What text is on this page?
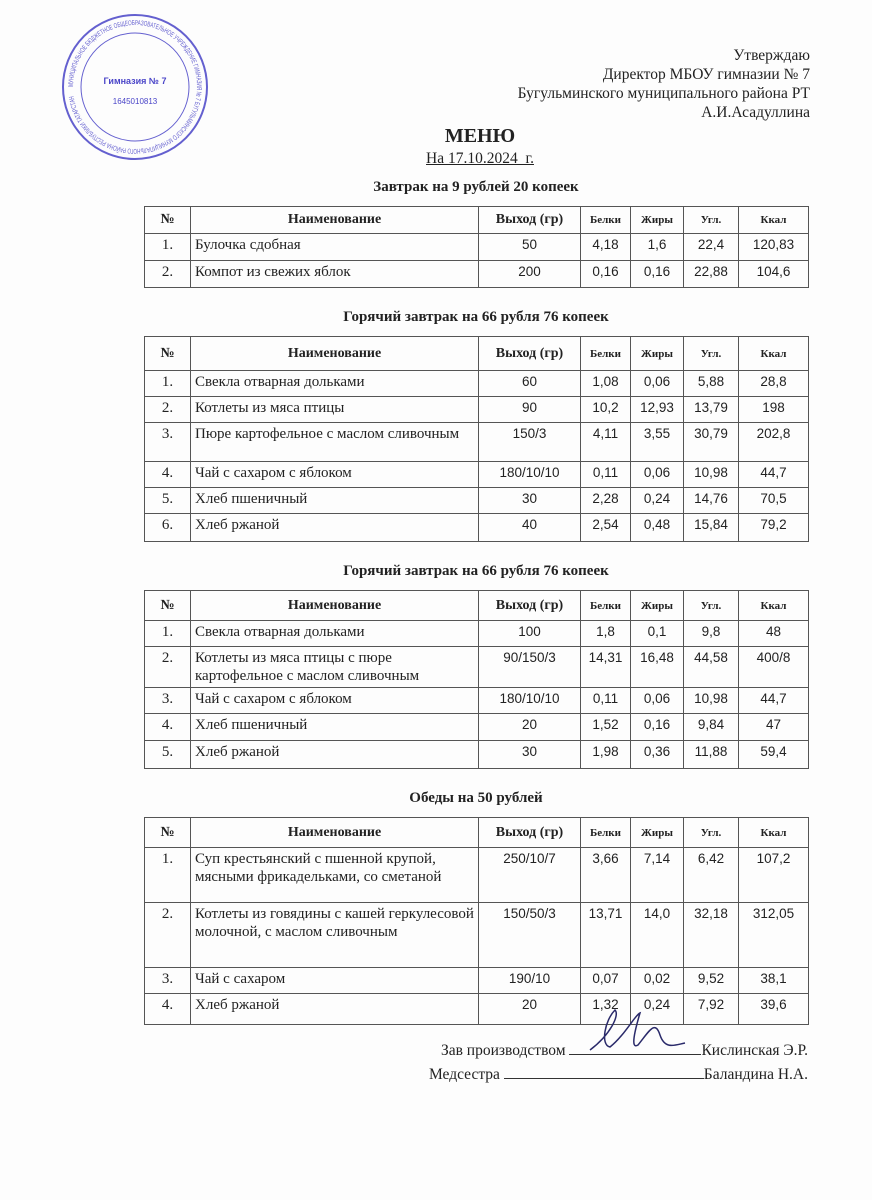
МУНИЦИПАЛЬНОЕ БЮДЖЕТНОЕ ОБЩЕОБРАЗОВАТЕЛЬНОЕ УЧРЕЖДЕНИЕ ГИМНАЗИЯ № 7 БУГУЛЬМИНСКОГО МУНИЦИПАЛЬНОГО РАЙОНА РЕСПУБЛИКИ ТАТАРСТАН
Гимназия № 7
1645010813
Утверждаю
Директор МБОУ гимназии № 7
Бугульминского муниципального района РТ
А.И.Асадуллина
МЕНЮ
На 17.10.2024_г.
Завтрак на 9 рублей 20 копеек
№	Наименование	Выход (гр)	Белки	Жиры	Угл.	Ккал
1.	Булочка сдобная	50	4,18	1,6	22,4	120,83
2.	Компот из свежих яблок	200	0,16	0,16	22,88	104,6
Горячий завтрак на 66 рубля 76 копеек
№	Наименование	Выход (гр)	Белки	Жиры	Угл.	Ккал
1.	Свекла отварная дольками	60	1,08	0,06	5,88	28,8
2.	Котлеты из мяса птицы	90	10,2	12,93	13,79	198
3.	Пюре картофельное с маслом сливочным	150/3	4,11	3,55	30,79	202,8
4.	Чай с сахаром с яблоком	180/10/10	0,11	0,06	10,98	44,7
5.	Хлеб пшеничный	30	2,28	0,24	14,76	70,5
6.	Хлеб ржаной	40	2,54	0,48	15,84	79,2
Горячий завтрак на 66 рубля 76 копеек
№	Наименование	Выход (гр)	Белки	Жиры	Угл.	Ккал
1.	Свекла отварная дольками	100	1,8	0,1	9,8	48
2.	Котлеты из мяса птицы с пюре картофельное с маслом сливочным	90/150/3	14,31	16,48	44,58	400/8
3.	Чай с сахаром с яблоком	180/10/10	0,11	0,06	10,98	44,7
4.	Хлеб пшеничный	20	1,52	0,16	9,84	47
5.	Хлеб ржаной	30	1,98	0,36	11,88	59,4
Обеды на 50 рублей
№	Наименование	Выход (гр)	Белки	Жиры	Угл.	Ккал
1.	Суп крестьянский с пшенной крупой, мясными фрикадельками, со сметаной	250/10/7	3,66	7,14	6,42	107,2
2.	Котлеты из говядины с кашей геркулесовой молочной, с маслом сливочным	150/50/3	13,71	14,0	32,18	312,05
3.	Чай с сахаром	190/10	0,07	0,02	9,52	38,1
4.	Хлеб ржаной	20	1,32	0,24	7,92	39,6
Зав производством	Кислинская Э.Р.
Медсестра	Баландина Н.А.
